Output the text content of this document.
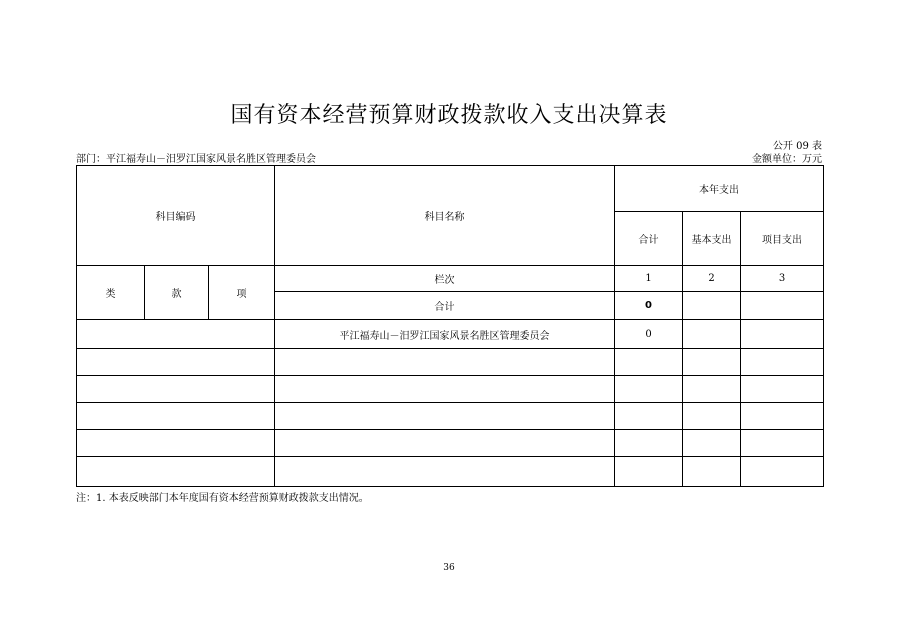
国有资本经营预算财政拨款收入支出决算表
公开 09 表
部门：平江福寿山－汨罗江国家风景名胜区管理委员会	金额单位：万元
科目编码			科目名称	本年支出		
				合计	基本支出	项目支出
类	款	项	栏次	1	2	3
			合计	0		
			平江福寿山－汨罗江国家风景名胜区管理委员会	0		

注：1. 本表反映部门本年度国有资本经营预算财政拨款支出情况。
36
